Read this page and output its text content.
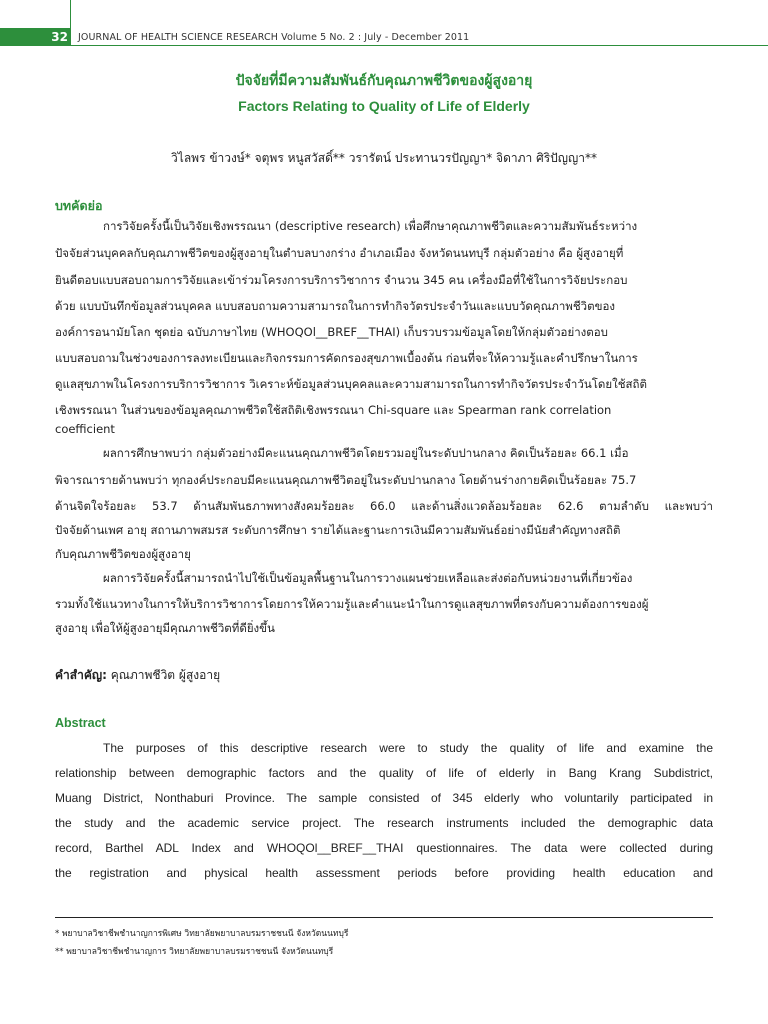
32 JOURNAL OF HEALTH SCIENCE RESEARCH Volume 5 No. 2 : July - December 2011
ปัจจัยที่มีความสัมพันธ์กับคุณภาพชีวิตของผู้สูงอายุ
Factors Relating to Quality of Life of Elderly
วิไลพร ข้าวงษ์* จตุพร หนูสวัสดิ์** วรารัตน์ ประทานวรปัญญา* จิดาภา ศิริปัญญา**
บทคัดย่อ
การวิจัยครั้งนี้เป็นวิจัยเชิงพรรณนา (descriptive research) เพื่อศึกษาคุณภาพชีวิตและความสัมพันธ์ระหว่าง
ปัจจัยส่วนบุคคลกับคุณภาพชีวิตของผู้สูงอายุในตำบลบางกร่าง อำเภอเมือง จังหวัดนนทบุรี กลุ่มตัวอย่าง คือ ผู้สูงอายุที่
ยินดีตอบแบบสอบถามการวิจัยและเข้าร่วมโครงการบริการวิชาการ จำนวน 345 คน เครื่องมือที่ใช้ในการวิจัยประกอบ
ด้วย แบบบันทึกข้อมูลส่วนบุคคล แบบสอบถามความสามารถในการทำกิจวัตรประจำวันและแบบวัดคุณภาพชีวิตของ
องค์การอนามัยโลก ชุดย่อ ฉบับภาษาไทย (WHOQOl__BREF__THAI) เก็บรวบรวมข้อมูลโดยให้กลุ่มตัวอย่างตอบ
แบบสอบถามในช่วงของการลงทะเบียนและกิจกรรมการคัดกรองสุขภาพเบื้องต้น ก่อนที่จะให้ความรู้และคำปรึกษาในการ
ดูแลสุขภาพในโครงการบริการวิชาการ วิเคราะห์ข้อมูลส่วนบุคคลและความสามารถในการทำกิจวัตรประจำวันโดยใช้สถิติ
เชิงพรรณนา ในส่วนของข้อมูลคุณภาพชีวิตใช้สถิติเชิงพรรณนา Chi-square และ Spearman rank correlation
coefficient
ผลการศึกษาพบว่า กลุ่มตัวอย่างมีคะแนนคุณภาพชีวิตโดยรวมอยู่ในระดับปานกลาง คิดเป็นร้อยละ 66.1 เมื่อ
พิจารณารายด้านพบว่า ทุกองค์ประกอบมีคะแนนคุณภาพชีวิตอยู่ในระดับปานกลาง โดยด้านร่างกายคิดเป็นร้อยละ 75.7
ด้านจิตใจร้อยละ 53.7 ด้านสัมพันธภาพทางสังคมร้อยละ 66.0 และด้านสิ่งแวดล้อมร้อยละ 62.6 ตามลำดับ และพบว่า
ปัจจัยด้านเพศ อายุ สถานภาพสมรส ระดับการศึกษา รายได้และฐานะการเงินมีความสัมพันธ์อย่างมีนัยสำคัญทางสถิติ
กับคุณภาพชีวิตของผู้สูงอายุ
ผลการวิจัยครั้งนี้สามารถนำไปใช้เป็นข้อมูลพื้นฐานในการวางแผนช่วยเหลือและส่งต่อกับหน่วยงานที่เกี่ยวข้อง
รวมทั้งใช้แนวทางในการให้บริการวิชาการโดยการให้ความรู้และคำแนะนำในการดูแลสุขภาพที่ตรงกับความต้องการของผู้
สูงอายุ เพื่อให้ผู้สูงอายุมีคุณภาพชีวิตที่ดียิ่งขึ้น
คำสำคัญ: คุณภาพชีวิต ผู้สูงอายุ
Abstract
The purposes of this descriptive research were to study the quality of life and examine the
relationship between demographic factors and the quality of life of elderly in Bang Krang Subdistrict,
Muang District, Nonthaburi Province. The sample consisted of 345 elderly who voluntarily participated in
the study and the academic service project. The research instruments included the demographic data
record, Barthel ADL Index and WHOQOl__BREF__THAI questionnaires. The data were collected during
the registration and physical health assessment periods before providing health education and
* พยาบาลวิชาชีพชำนาญการพิเศษ วิทยาลัยพยาบาลบรมราชชนนี จังหวัดนนทบุรี
** พยาบาลวิชาชีพชำนาญการ วิทยาลัยพยาบาลบรมราชชนนี จังหวัดนนทบุรี
